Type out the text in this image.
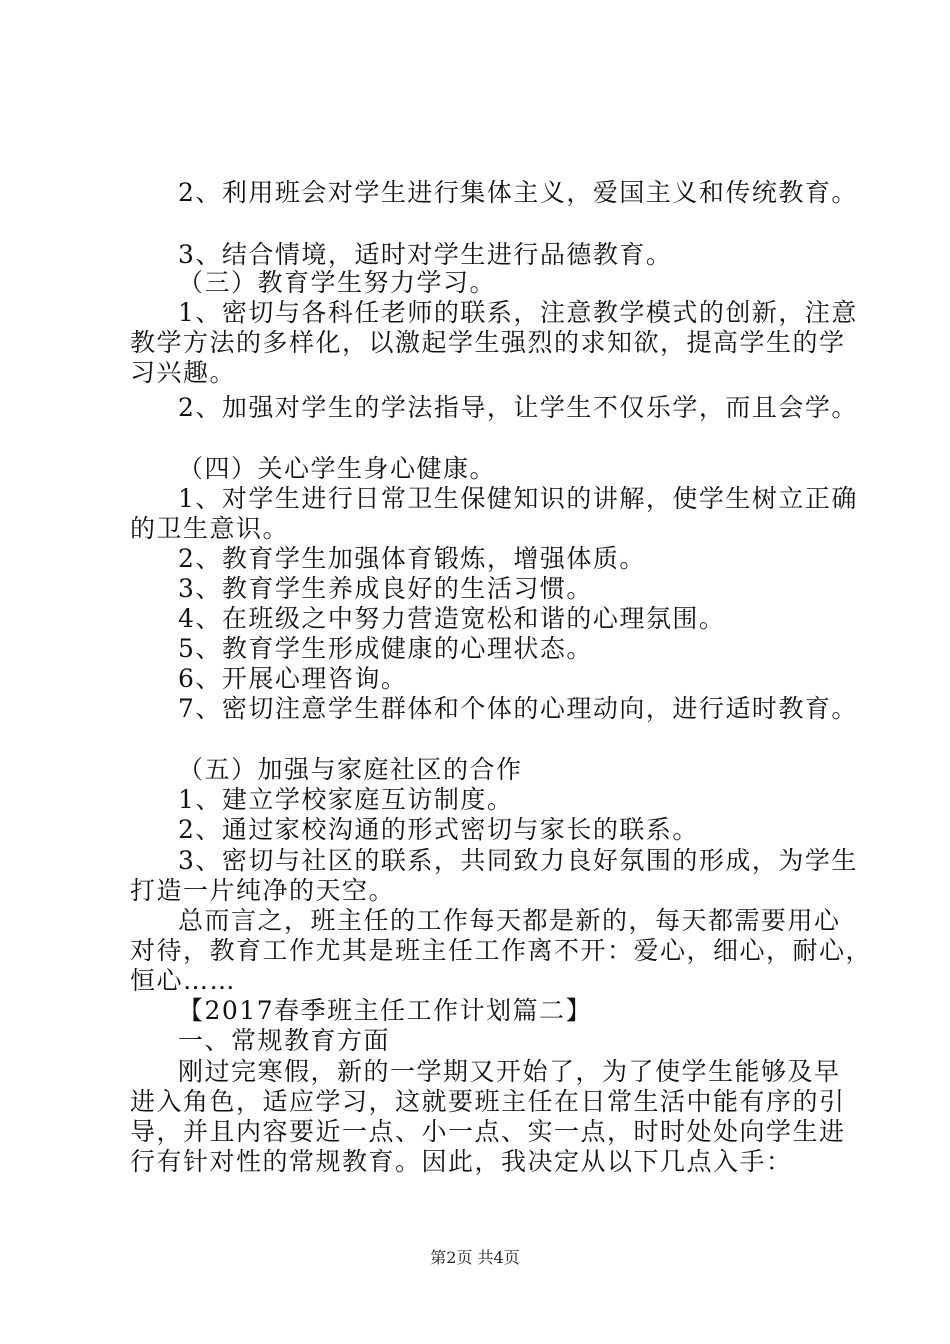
2、利用班会对学生进行集体主义，爱国主义和传统教育。
3、结合情境，适时对学生进行品德教育。
（三）教育学生努力学习。
1、密切与各科任老师的联系，注意教学模式的创新，注意
教学方法的多样化，以激起学生强烈的求知欲，提高学生的学
习兴趣。
2、加强对学生的学法指导，让学生不仅乐学，而且会学。
（四）关心学生身心健康。
1、对学生进行日常卫生保健知识的讲解，使学生树立正确
的卫生意识。
2、教育学生加强体育锻炼，增强体质。
3、教育学生养成良好的生活习惯。
4、在班级之中努力营造宽松和谐的心理氛围。
5、教育学生形成健康的心理状态。
6、开展心理咨询。
7、密切注意学生群体和个体的心理动向，进行适时教育。
（五）加强与家庭社区的合作
1、建立学校家庭互访制度。
2、通过家校沟通的形式密切与家长的联系。
3、密切与社区的联系，共同致力良好氛围的形成，为学生
打造一片纯净的天空。
总而言之，班主任的工作每天都是新的，每天都需要用心
对待，教育工作尤其是班主任工作离不开：爱心，细心，耐心，
恒心……
【2017春季班主任工作计划篇二】
一、常规教育方面
刚过完寒假，新的一学期又开始了，为了使学生能够及早
进入角色，适应学习，这就要班主任在日常生活中能有序的引
导，并且内容要近一点、小一点、实一点，时时处处向学生进
行有针对性的常规教育。因此，我决定从以下几点入手：
第2页 共4页
